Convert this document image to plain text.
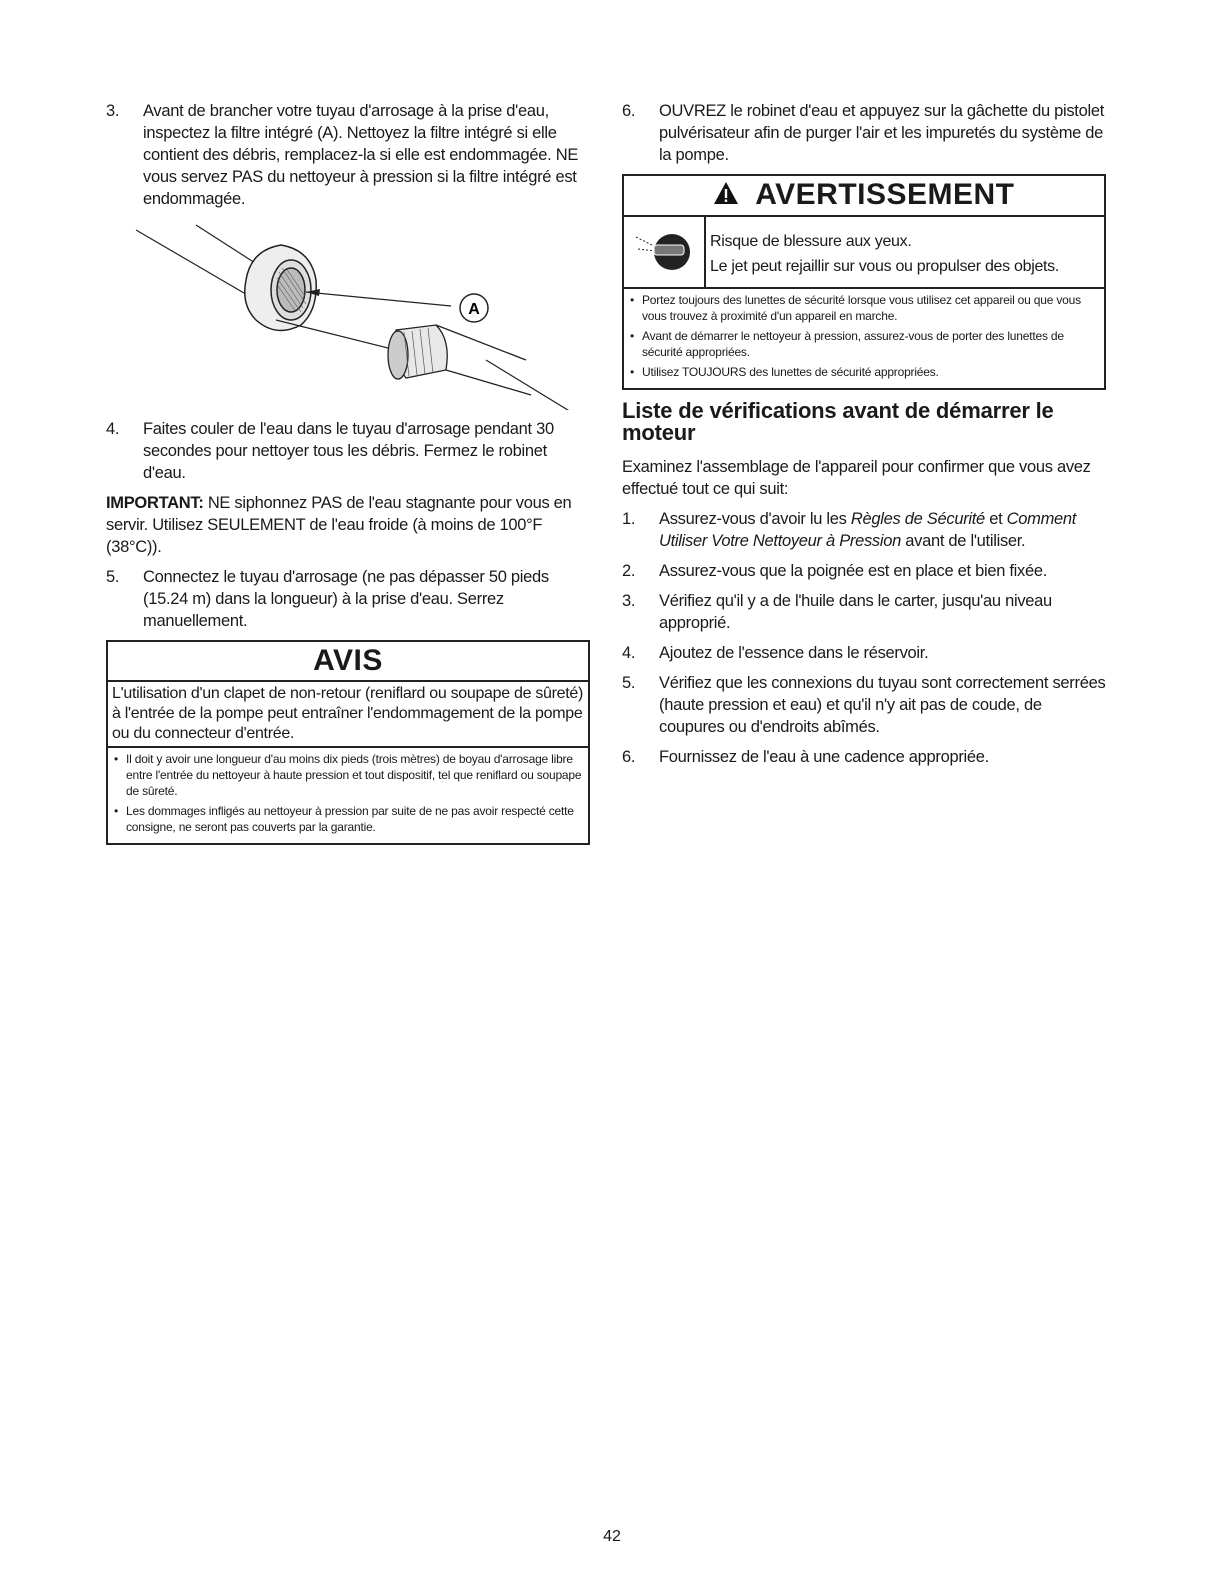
3. Avant de brancher votre tuyau d'arrosage à la prise d'eau, inspectez la filtre intégré (A). Nettoyez la filtre intégré si elle contient des débris, remplacez-la si elle est endommagée. NE vous servez PAS du nettoyeur à pression si la filtre intégré est endommagée.
A
4. Faites couler de l'eau dans le tuyau d'arrosage pendant 30 secondes pour nettoyer tous les débris. Fermez le robinet d'eau.
IMPORTANT: NE siphonnez PAS de l'eau stagnante pour vous en servir. Utilisez SEULEMENT de l'eau froide (à moins de 100°F (38°C)).
5. Connectez le tuyau d'arrosage (ne pas dépasser 50 pieds (15.24 m) dans la longueur) à la prise d'eau. Serrez manuellement.
AVIS
L'utilisation d'un clapet de non-retour (reniflard ou soupape de sûreté) à l'entrée de la pompe peut entraîner l'endommagement de la pompe ou du connecteur d'entrée.
• Il doit y avoir une longueur d'au moins dix pieds (trois mètres) de boyau d'arrosage libre entre l'entrée du nettoyeur à haute pression et tout dispositif, tel que reniflard ou soupape de sûreté.
• Les dommages infligés au nettoyeur à pression par suite de ne pas avoir respecté cette consigne, ne seront pas couverts par la garantie.
6. OUVREZ le robinet d'eau et appuyez sur la gâchette du pistolet pulvérisateur afin de purger l'air et les impuretés du système de la pompe.
AVERTISSEMENT
Risque de blessure aux yeux.
Le jet peut rejaillir sur vous ou propulser des objets.
• Portez toujours des lunettes de sécurité lorsque vous utilisez cet appareil ou que vous vous trouvez à proximité d'un appareil en marche.
• Avant de démarrer le nettoyeur à pression, assurez-vous de porter des lunettes de sécurité appropriées.
• Utilisez TOUJOURS des lunettes de sécurité appropriées.
Liste de vérifications avant de démarrer le moteur
Examinez l'assemblage de l'appareil pour confirmer que vous avez effectué tout ce qui suit:
1. Assurez-vous d'avoir lu les Règles de Sécurité et Comment Utiliser Votre Nettoyeur à Pression avant de l'utiliser.
2. Assurez-vous que la poignée est en place et bien fixée.
3. Vérifiez qu'il y a de l'huile dans le carter, jusqu'au niveau approprié.
4. Ajoutez de l'essence dans le réservoir.
5. Vérifiez que les connexions du tuyau sont correctement serrées (haute pression et eau) et qu'il n'y ait pas de coude, de coupures ou d'endroits abîmés.
6. Fournissez de l'eau à une cadence appropriée.
42
